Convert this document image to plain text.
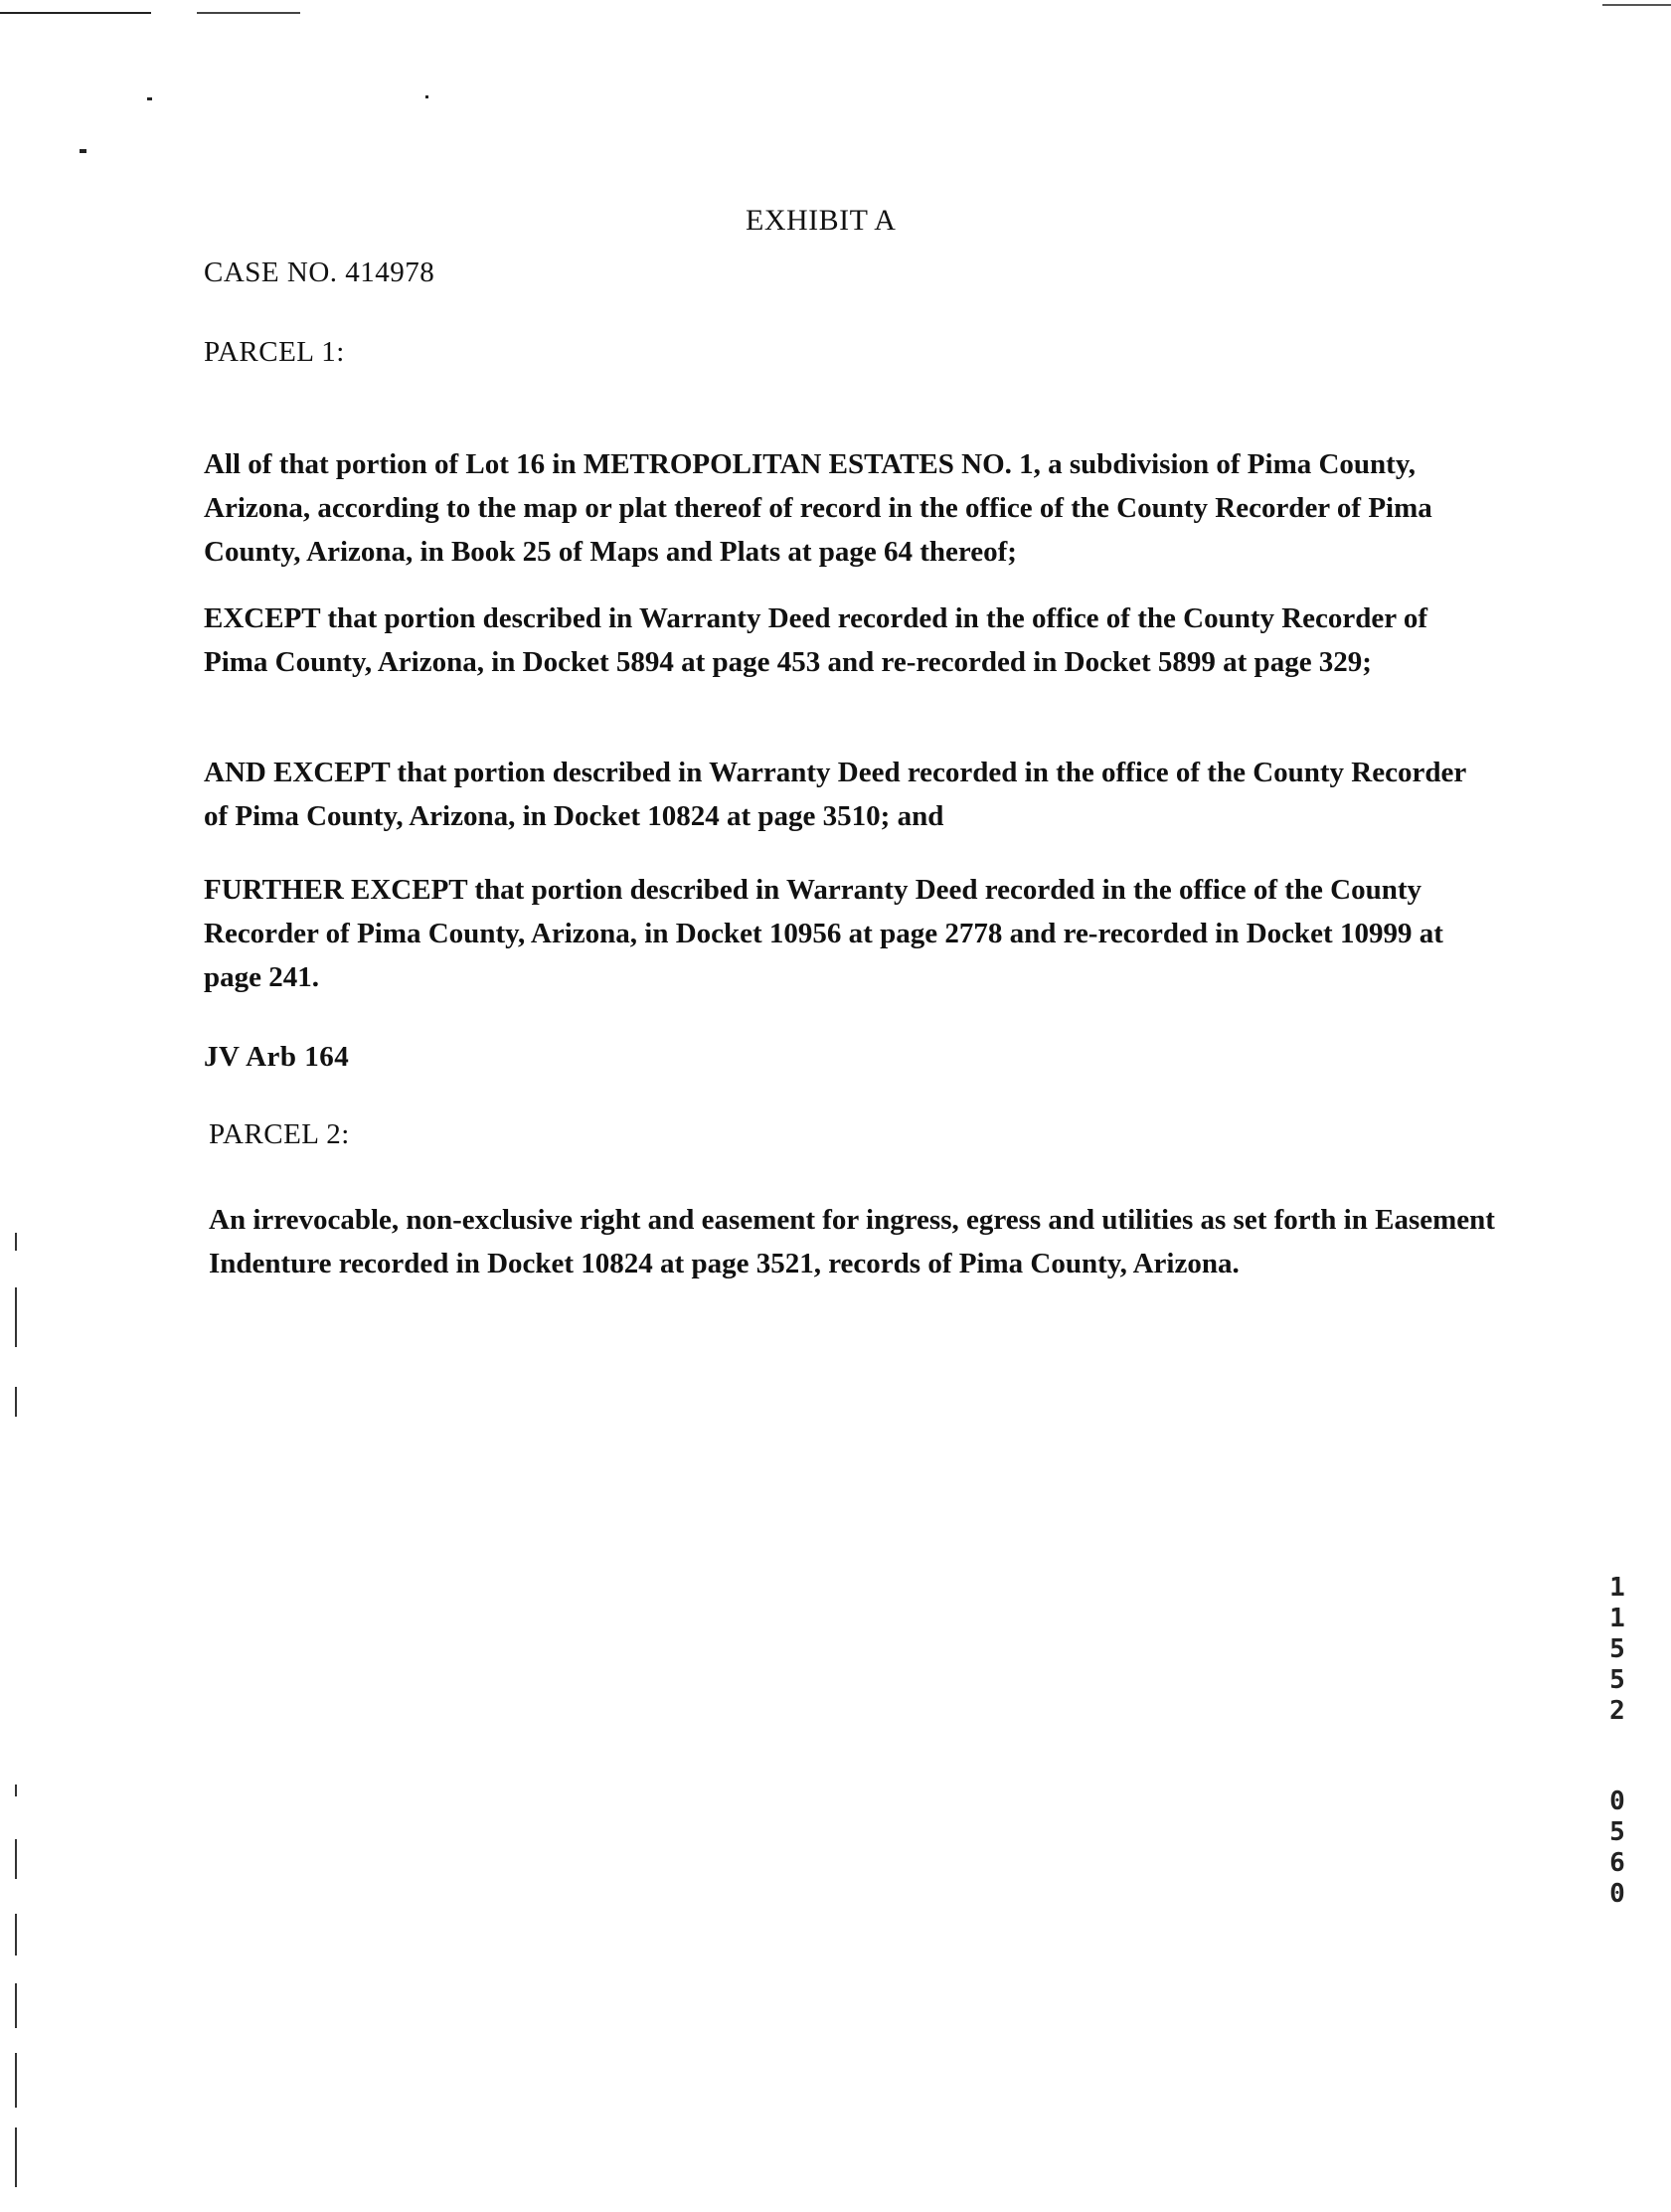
EXHIBIT A

CASE NO. 414978

PARCEL 1:

All of that portion of Lot 16 in METROPOLITAN ESTATES NO. 1, a subdivision of Pima County, Arizona, according to the map or plat thereof of record in the office of the County Recorder of Pima County, Arizona, in Book 25 of Maps and Plats at page 64 thereof;

EXCEPT that portion described in Warranty Deed recorded in the office of the County Recorder of Pima County, Arizona, in Docket 5894 at page 453 and re-recorded in Docket 5899 at page 329;

AND EXCEPT that portion described in Warranty Deed recorded in the office of the County Recorder of Pima County, Arizona, in Docket 10824 at page 3510; and

FURTHER EXCEPT that portion described in Warranty Deed recorded in the office of the County Recorder of Pima County, Arizona, in Docket 10956 at page 2778 and re-recorded in Docket 10999 at page 241.

JV Arb 164

PARCEL 2:

An irrevocable, non-exclusive right and easement for ingress, egress and utilities as set forth in Easement Indenture recorded in Docket 10824 at page 3521, records of Pima County, Arizona.

11552
0560
